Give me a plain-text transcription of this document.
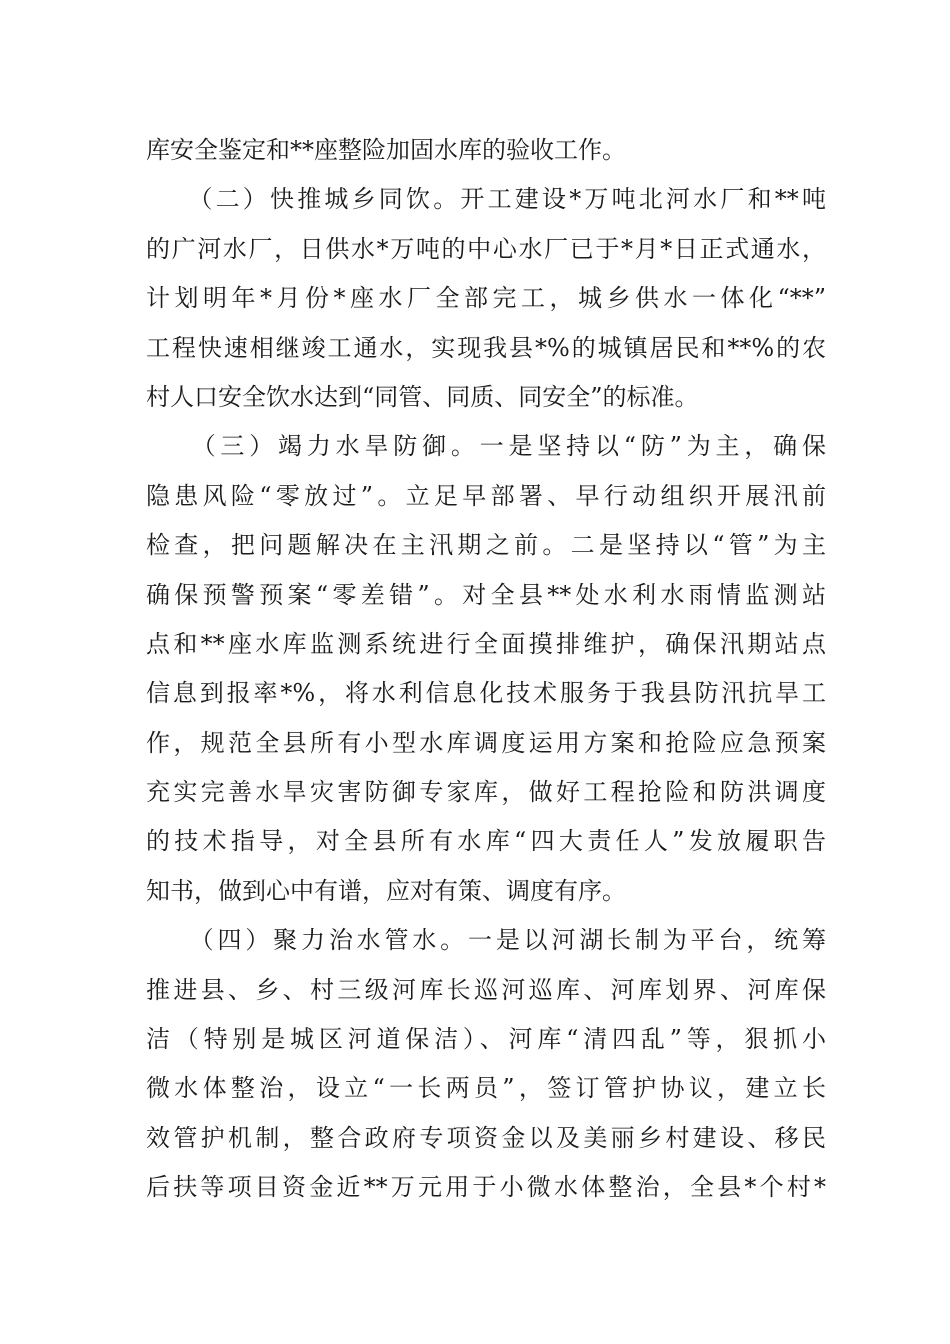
库安全鉴定和**座整险加固水库的验收工作。
　　（二）快推城乡同饮。开工建设*万吨北河水厂和**吨
的广河水厂，日供水*万吨的中心水厂已于*月*日正式通水，
计划明年*月份*座水厂全部完工，城乡供水一体化“**”
工程快速相继竣工通水，实现我县*%的城镇居民和**%的农
村人口安全饮水达到“同管、同质、同安全”的标准。
　　（三）竭力水旱防御。一是坚持以“防”为主，确保
隐患风险“零放过”。立足早部署、早行动组织开展汛前
检查，把问题解决在主汛期之前。二是坚持以“管”为主
确保预警预案“零差错”。对全县**处水利水雨情监测站
点和**座水库监测系统进行全面摸排维护，确保汛期站点
信息到报率*%，将水利信息化技术服务于我县防汛抗旱工
作，规范全县所有小型水库调度运用方案和抢险应急预案
充实完善水旱灾害防御专家库，做好工程抢险和防洪调度
的技术指导，对全县所有水库“四大责任人”发放履职告
知书，做到心中有谱，应对有策、调度有序。
　　（四）聚力治水管水。一是以河湖长制为平台，统筹
推进县、乡、村三级河库长巡河巡库、河库划界、河库保
洁（特别是城区河道保洁）、河库“清四乱”等，狠抓小
微水体整治，设立“一长两员”，签订管护协议，建立长
效管护机制，整合政府专项资金以及美丽乡村建设、移民
后扶等项目资金近**万元用于小微水体整治，全县*个村*
